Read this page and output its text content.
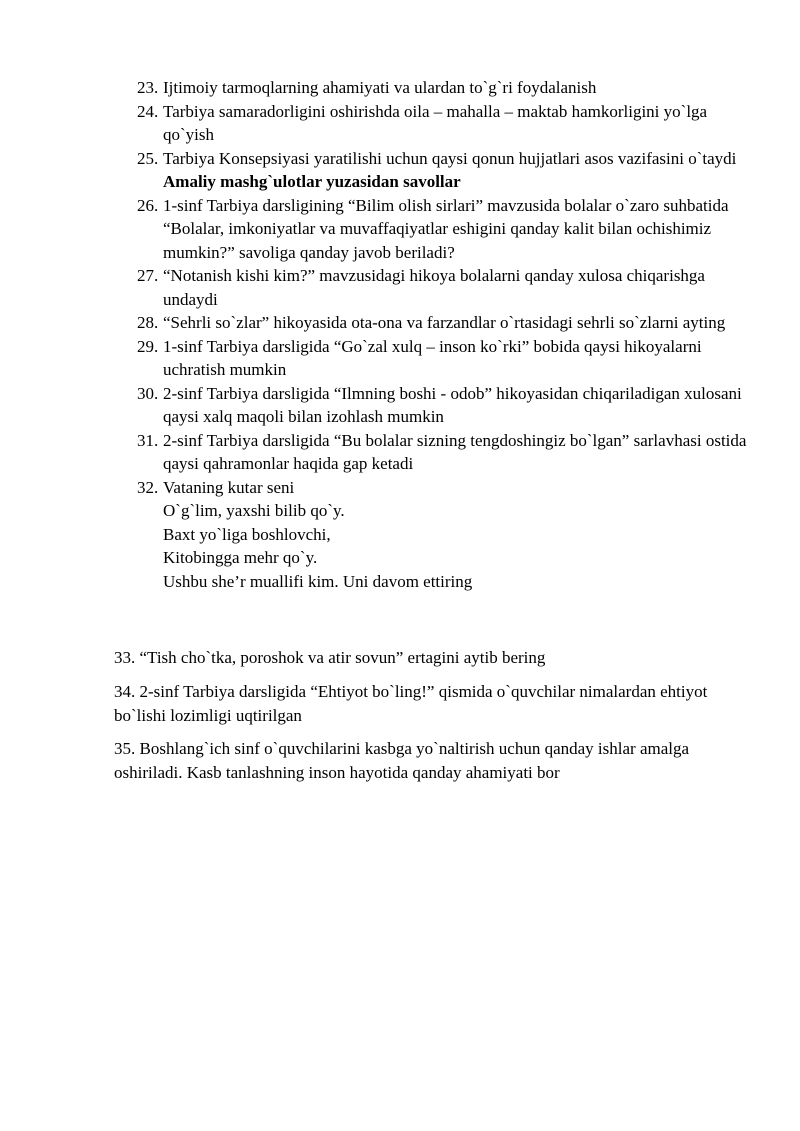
23. Ijtimoiy tarmoqlarning ahamiyati va ulardan to`g`ri foydalanish
24. Tarbiya samaradorligini oshirishda oila – mahalla – maktab hamkorligini yo`lga qo`yish
25. Tarbiya Konsepsiyasi yaratilishi uchun qaysi qonun hujjatlari asos vazifasini o`taydi
Amaliy mashg`ulotlar yuzasidan savollar
26. 1-sinf Tarbiya darsligining “Bilim olish sirlari” mavzusida bolalar o`zaro suhbatida “Bolalar, imkoniyatlar va muvaffaqiyatlar eshigini qanday kalit bilan ochishimiz mumkin?” savoliga qanday javob beriladi?
27. “Notanish kishi kim?” mavzusidagi hikoya bolalarni qanday xulosa chiqarishga undaydi
28. “Sehrli so`zlar” hikoyasida ota-ona va farzandlar o`rtasidagi sehrli so`zlarni ayting
29. 1-sinf Tarbiya darsligida “Go`zal xulq – inson ko`rki” bobida qaysi hikoyalarni uchratish mumkin
30. 2-sinf Tarbiya darsligida “Ilmning boshi - odob” hikoyasidan chiqariladigan xulosani qaysi xalq maqoli bilan izohlash mumkin
31. 2-sinf Tarbiya darsligida “Bu bolalar sizning tengdoshingiz bo`lgan” sarlavhasi ostida qaysi qahramonlar haqida gap ketadi
32. Vataning kutar seni
O`g`lim, yaxshi bilib qo`y.
Baxt yo`liga boshlovchi,
Kitobingga mehr qo`y.
Ushbu she’r muallifi kim. Uni davom ettiring
33. “Tish cho`tka, poroshok va atir sovun” ertagini aytib bering
34. 2-sinf Tarbiya darsligida “Ehtiyot bo`ling!” qismida o`quvchilar nimalardan ehtiyot bo`lishi lozimligi uqtirilgan
35. Boshlang`ich sinf o`quvchilarini kasbga yo`naltirish uchun qanday ishlar amalga oshiriladi. Kasb tanlashning inson hayotida qanday ahamiyati bor
